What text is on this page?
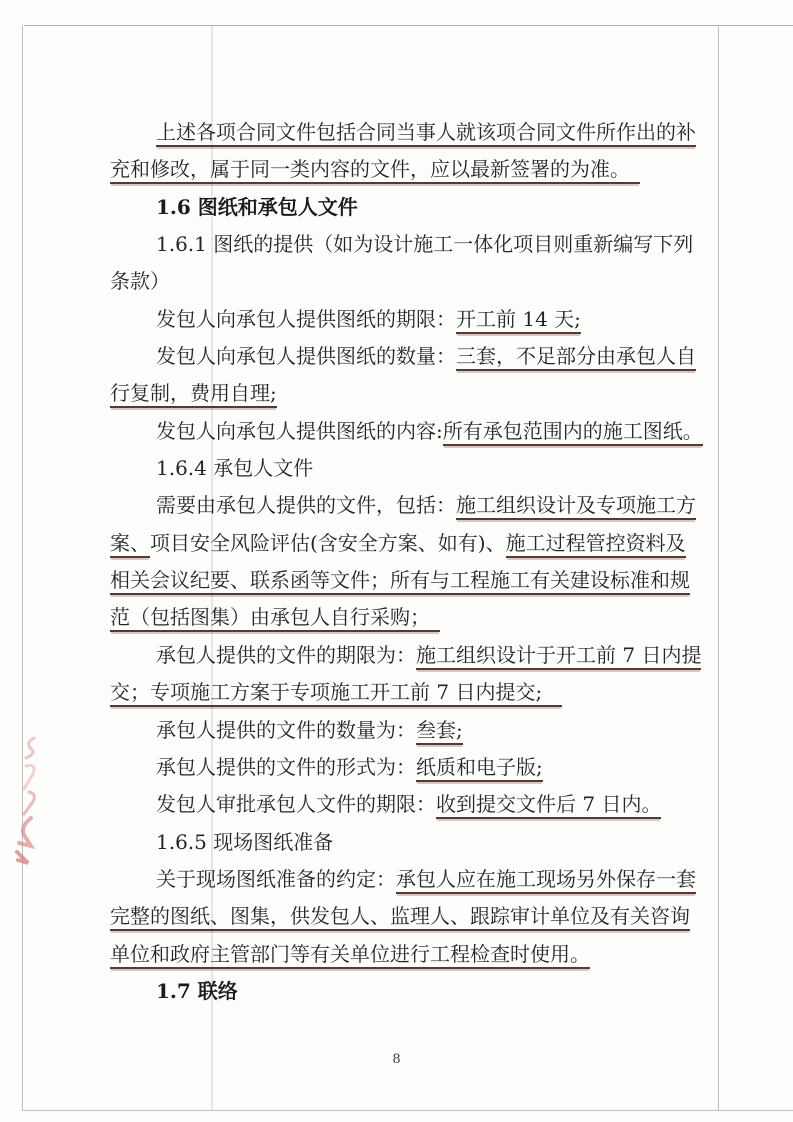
上述各项合同文件包括合同当事人就该项合同文件所作出的补
充和修改，属于同一类内容的文件，应以最新签署的为准。　
1.6 图纸和承包人文件
1.6.1 图纸的提供（如为设计施工一体化项目则重新编写下列
条款）
发包人向承包人提供图纸的期限：开工前 14 天;
发包人向承包人提供图纸的数量：三套，不足部分由承包人自
行复制，费用自理;
发包人向承包人提供图纸的内容:所有承包范围内的施工图纸。
1.6.4 承包人文件
需要由承包人提供的文件，包括：施工组织设计及专项施工方
案、项目安全风险评估(含安全方案、如有)、施工过程管控资料及
相关会议纪要、联系函等文件；所有与工程施工有关建设标准和规
范（包括图集）由承包人自行采购；　
承包人提供的文件的期限为：施工组织设计于开工前 7 日内提
交；专项施工方案于专项施工开工前 7 日内提交;　
承包人提供的文件的数量为：叁套;
承包人提供的文件的形式为：纸质和电子版;
发包人审批承包人文件的期限：收到提交文件后 7 日内。
1.6.5 现场图纸准备
关于现场图纸准备的约定：承包人应在施工现场另外保存一套
完整的图纸、图集，供发包人、监理人、跟踪审计单位及有关咨询
单位和政府主管部门等有关单位进行工程检查时使用。
1.7 联络
8
